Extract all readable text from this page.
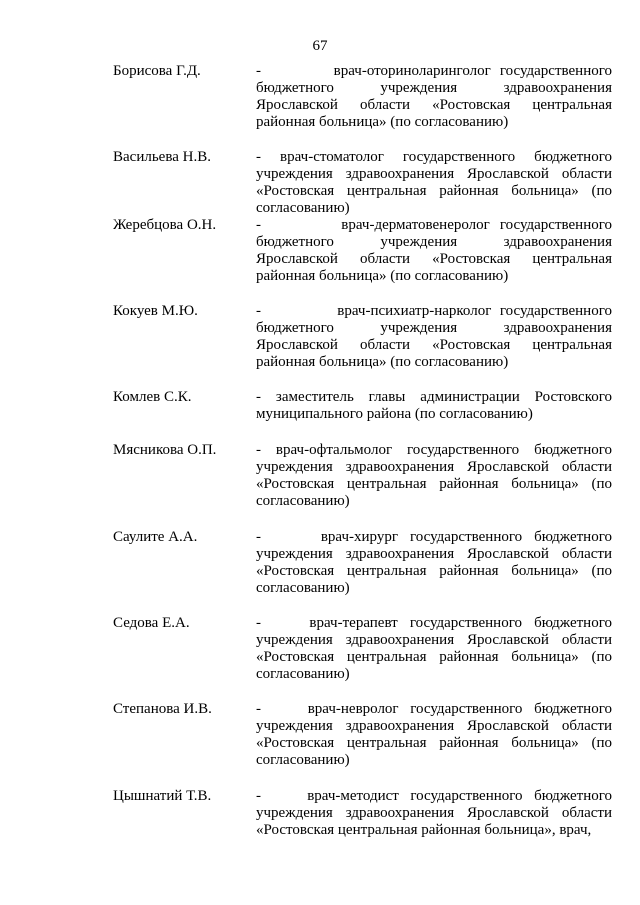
67
Борисова Г.Д.	-        врач-оториноларинголог государственного бюджетного учреждения здравоохранения Ярославской области «Ростовская центральная районная больница» (по согласованию)
Васильева Н.В.	- врач-стоматолог государственного бюджетного учреждения здравоохранения Ярославской области «Ростовская центральная районная больница» (по согласованию)
Жеребцова О.Н.	-        врач-дерматовенеролог государственного бюджетного учреждения здравоохранения Ярославской области «Ростовская центральная районная больница» (по согласованию)
Кокуев М.Ю.	-         врач-психиатр-нарколог государственного бюджетного учреждения здравоохранения Ярославской области «Ростовская центральная районная больница» (по согласованию)
Комлев С.К.	- заместитель главы администрации Ростовского муниципального района (по согласованию)
Мясникова О.П.	- врач-офтальмолог государственного бюджетного учреждения здравоохранения Ярославской области «Ростовская центральная районная больница» (по согласованию)
Саулите А.А.	-     врач-хирург государственного бюджетного учреждения здравоохранения Ярославской области «Ростовская центральная районная больница» (по согласованию)
Седова Е.А.	-    врач-терапевт государственного бюджетного учреждения здравоохранения Ярославской области «Ростовская центральная районная больница» (по согласованию)
Степанова И.В.	-    врач-невролог государственного бюджетного учреждения здравоохранения Ярославской области «Ростовская центральная районная больница» (по согласованию)
Цышнатий Т.В.	-    врач-методист государственного бюджетного учреждения здравоохранения Ярославской области «Ростовская центральная районная больница», врач,
